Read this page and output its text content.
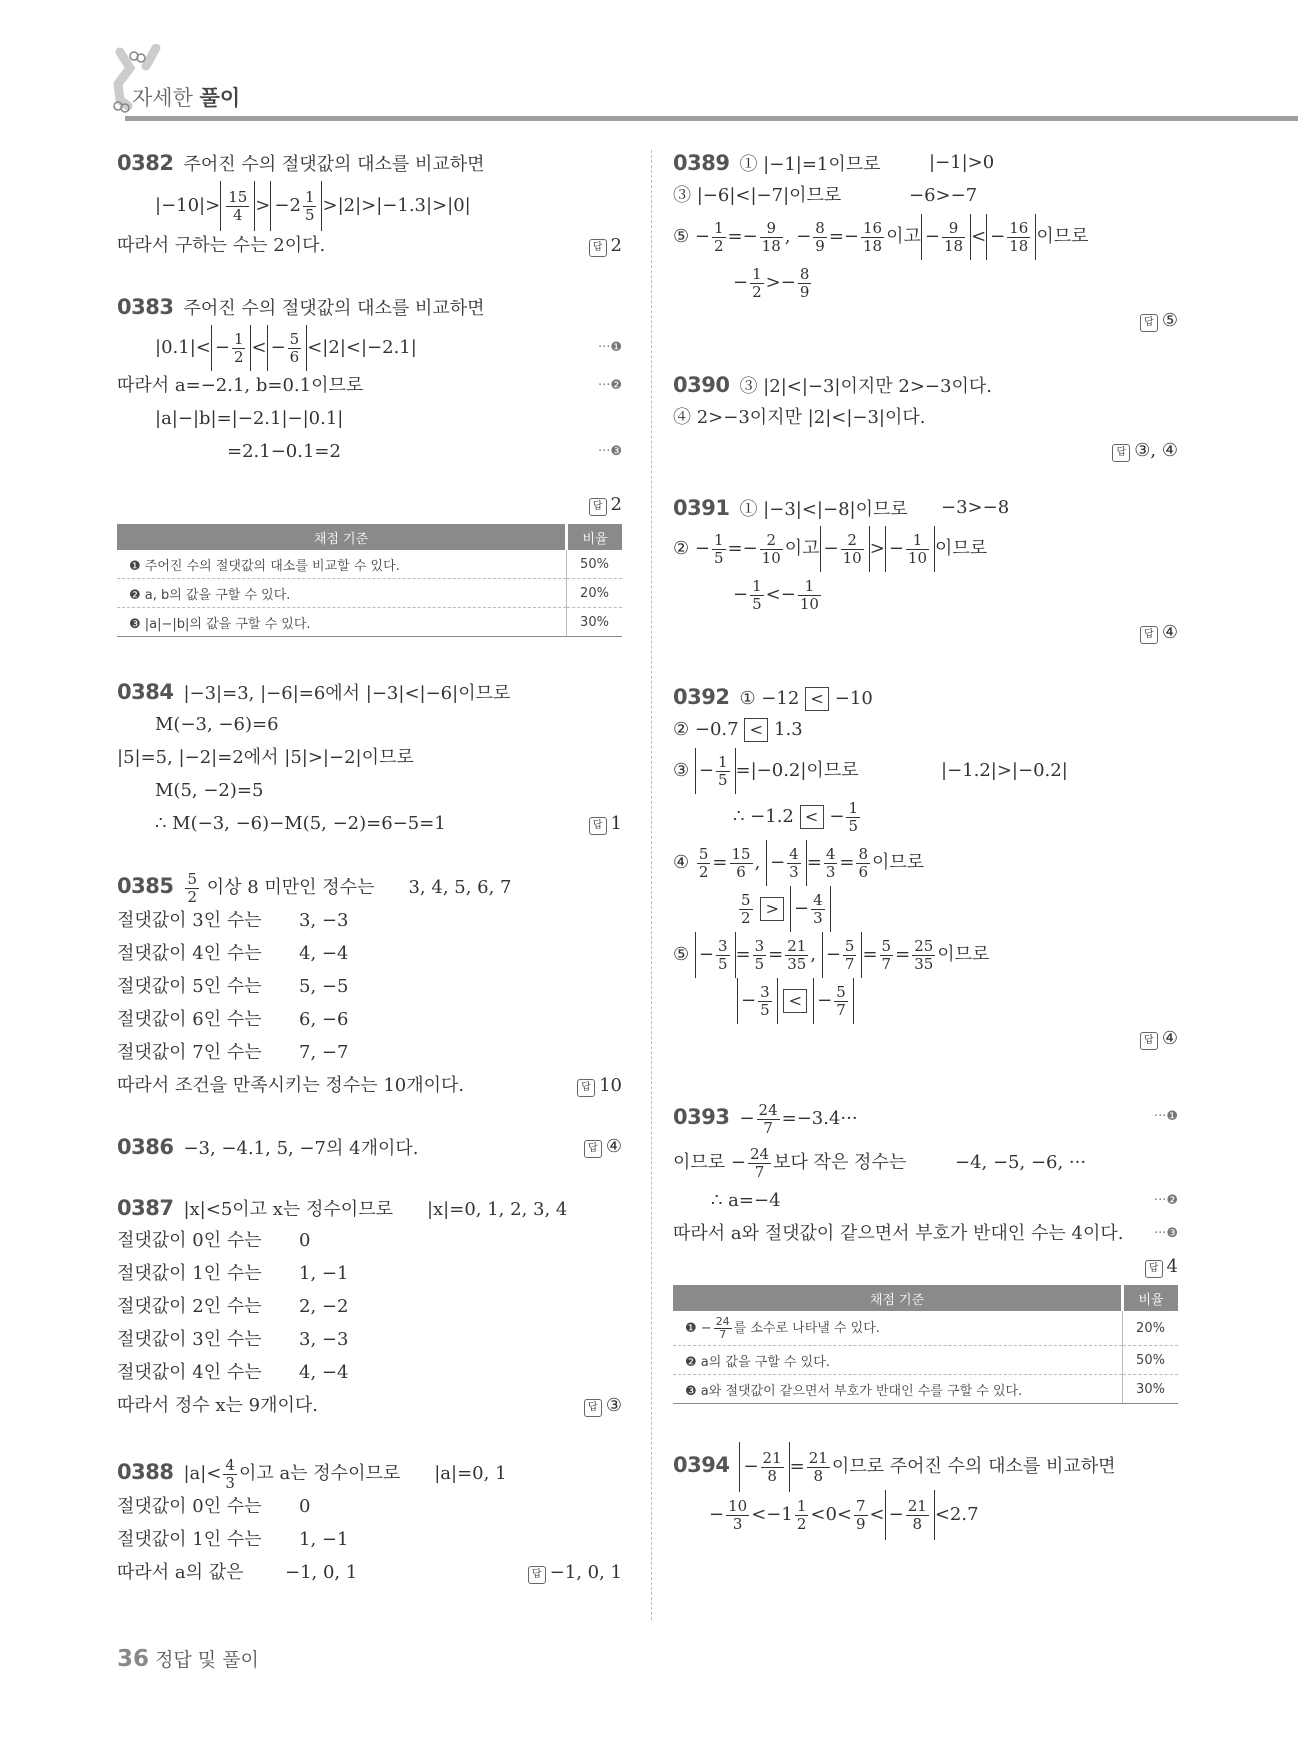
자세한 풀이
0382 주어진 수의 절댓값의 대소를 비교하면
$|-10|> \frac{15}{4} > -2 \frac{1}{5} >|2|>|-1.3|>|0|$
따라서 구하는 수는 2이다.	답 2
0383 주어진 수의 절댓값의 대소를 비교하면
$|0.1|< - \frac{1}{2}$ < − $\frac{5}{6} <|2|<|-2.1|$	···❶
따라서 a=−2.1, b=0.1이므로	···❷
|a|−|b|=|−2.1|−|0.1|
=2.1−0.1=2	···❸
답 2
채점 기준	비율
❶ 주어진 수의 절댓값의 대소를 비교할 수 있다.	50%
❷ a, b의 값을 구할 수 있다.	20%
❸ |a|−|b|의 값을 구할 수 있다.	30%
0384 |−3|=3, |−6|=6에서 |−3|<|−6|이므로
M(−3, −6)=6
|5|=5, |−2|=2에서 |5|>|−2|이므로
M(5, −2)=5
∴ M(−3, −6)−M(5, −2)=6−5=1	답 1
$0385 \frac{5}{2}$ 이상 8 미만인 정수는 3, 4, 5, 6, 7
절댓값이 3인 수는 3, −3
절댓값이 4인 수는 4, −4
절댓값이 5인 수는 5, −5
절댓값이 6인 수는 6, −6
절댓값이 7인 수는 7, −7
따라서 조건을 만족시키는 정수는 10개이다.	답 10
0386 −3, −4.1, 5, −7의 4개이다.	답 ④
0387 |x|<5이고 x는 정수이므로 |x|=0, 1, 2, 3, 4
절댓값이 0인 수는 0
절댓값이 1인 수는 1, −1
절댓값이 2인 수는 2, −2
절댓값이 3인 수는 3, −3
절댓값이 4인 수는 4, −4
따라서 정수 x는 9개이다.	답 ③
0388 $|a|< \frac{4}{3}$ 이고 a는 정수이므로 |a|=0, 1
절댓값이 0인 수는 0
절댓값이 1인 수는 1, −1
따라서 a의 값은 −1, 0, 1	답 −1, 0, 1
0389 ① |−1|=1이므로	|−1|>0
③ |−6|<|−7|이므로	−6>−7
⑤ − $\frac{1}{2} =- \frac{9}{18}$ , − $\frac{8}{9} =- \frac{16}{18}$ 이고 − $\frac{9}{18}$ < − $\frac{16}{18}$ 이므로
− $\frac{1}{2} >- \frac{8}{9}$
답 ⑤
0390 ③ |2|<|−3|이지만 2>−3이다.
④ 2>−3이지만 |2|<|−3|이다.
답 ③, ④
0391 ① |−3|<|−8|이므로 −3>−8
② − $\frac{1}{5} =- \frac{2}{10}$ 이고 − $\frac{2}{10}$ > − $\frac{1}{10}$ 이므로
− $\frac{1}{5} <- \frac{1}{10}$
답 ④
0392 ① −12 < −10
② −0.7 < 1.3
③ − $\frac{1}{5} =|-0.2|$이므로	|−1.2|>|−0.2|
∴ −1.2 < − $\frac{1}{5}$
④ $\frac{5}{2} = \frac{15}{6}$ , − $\frac{4}{3} = \frac{4}{3} = \frac{8}{6}$ 이므로
$\frac{5}{2}$ > − $\frac{4}{3}$
⑤ − $\frac{3}{5} = \frac{3}{5} = \frac{21}{35}$ , − $\frac{5}{7} = \frac{5}{7} = \frac{25}{35}$ 이므로
− $\frac{3}{5}$ < − $\frac{5}{7}$
답 ④
$0393 - \frac{24}{7} =-3.4\cdot\cdot\cdot$	···❶
이므로 − $\frac{24}{7}$ 보다 작은 정수는	−4, −5, −6, ···
∴ a=−4	···❷
따라서 a와 절댓값이 같으면서 부호가 반대인 수는 4이다. ···❸
답 4
채점 기준	비율
❶ − $\frac{24}{7}$ 를 소수로 나타낼 수 있다.	20%
❷ a의 값을 구할 수 있다.	50%
❸ a와 절댓값이 같으면서 부호가 반대인 수를 구할 수 있다.	30%
$0394 - \frac{21}{8} = \frac{21}{8}$ 이므로 주어진 수의 대소를 비교하면
− $\frac{10}{3} <-1 \frac{1}{2} <0< \frac{7}{9}$ < − $\frac{21}{8} <2.7$
36 정답 및 풀이
